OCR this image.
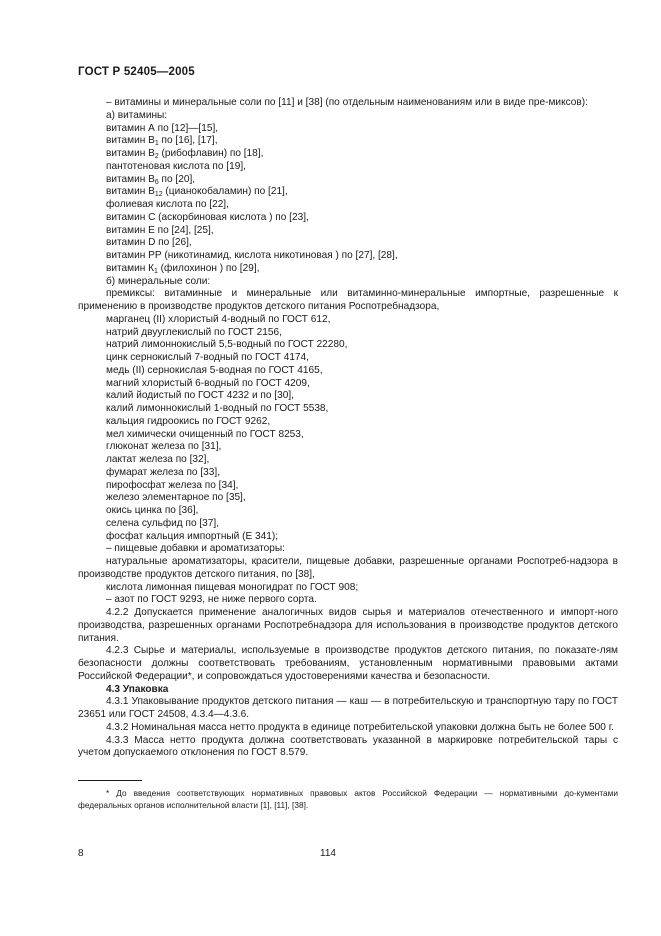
ГОСТ Р 52405—2005
– витамины и минеральные соли по [11] и [38] (по отдельным наименованиям или в виде пре-миксов):
а) витамины:
витамин А по [12]—[15],
витамин $В_1$ по [16], [17],
витамин $В_2$ (рибофлавин) по [18],
пантотеновая кислота по [19],
витамин $В_6$ по [20],
витамин $В_{12}$ (цианокобаламин) по [21],
фолиевая кислота по [22],
витамин С (аскорбиновая кислота ) по [23],
витамин Е по [24], [25],
витамин D по [26],
витамин РР (никотинамид, кислота никотиновая ) по [27], [28],
витамин $К_1$ (филохинон ) по [29],
б) минеральные соли:
премиксы: витаминные и минеральные или витаминно-минеральные импортные, разрешенные к применению в производстве продуктов детского питания Роспотребнадзора,
марганец (II) хлористый 4-водный по ГОСТ 612,
натрий двууглекислый по ГОСТ 2156,
натрий лимоннокислый 5,5-водный по ГОСТ 22280,
цинк сернокислый 7-водный по ГОСТ 4174,
медь (II) сернокислая 5-водная по ГОСТ 4165,
магний хлористый 6-водный по ГОСТ 4209,
калий йодистый по ГОСТ 4232 и по [30],
калий лимоннокислый 1-водный по ГОСТ 5538,
кальция гидроокись по ГОСТ 9262,
мел химически очищенный по ГОСТ 8253,
глюконат железа по [31],
лактат железа по [32],
фумарат железа по [33],
пирофосфат железа по [34],
железо элементарное по [35],
окись цинка по [36],
селена сульфид по [37],
фосфат кальция импортный (Е 341);
– пищевые добавки и ароматизаторы:
натуральные ароматизаторы, красители, пищевые добавки, разрешенные органами Роспотреб-надзора в производстве продуктов детского питания, по [38],
кислота лимонная пищевая моногидрат по ГОСТ 908;
– азот по ГОСТ 9293, не ниже первого сорта.
4.2.2 Допускается применение аналогичных видов сырья и материалов отечественного и импорт-ного производства, разрешенных органами Роспотребнадзора для использования в производстве продуктов детского питания.
4.2.3 Сырье и материалы, используемые в производстве продуктов детского питания, по показате-лям безопасности должны соответствовать требованиям, установленным нормативными правовыми актами Российской Федерации*, и сопровождаться удостоверениями качества и безопасности.
4.3 Упаковка
4.3.1 Упаковывание продуктов детского питания — каш — в потребительскую и транспортную тару по ГОСТ 23651 или ГОСТ 24508, 4.3.4—4.3.6.
4.3.2 Номинальная масса нетто продукта в единице потребительской упаковки должна быть не более 500 г.
4.3.3 Масса нетто продукта должна соответствовать указанной в маркировке потребительской тары с учетом допускаемого отклонения по ГОСТ 8.579.
* До введения соответствующих нормативных правовых актов Российской Федерации — нормативными до-кументами федеральных органов исполнительной власти [1], [11], [38].
8	114
